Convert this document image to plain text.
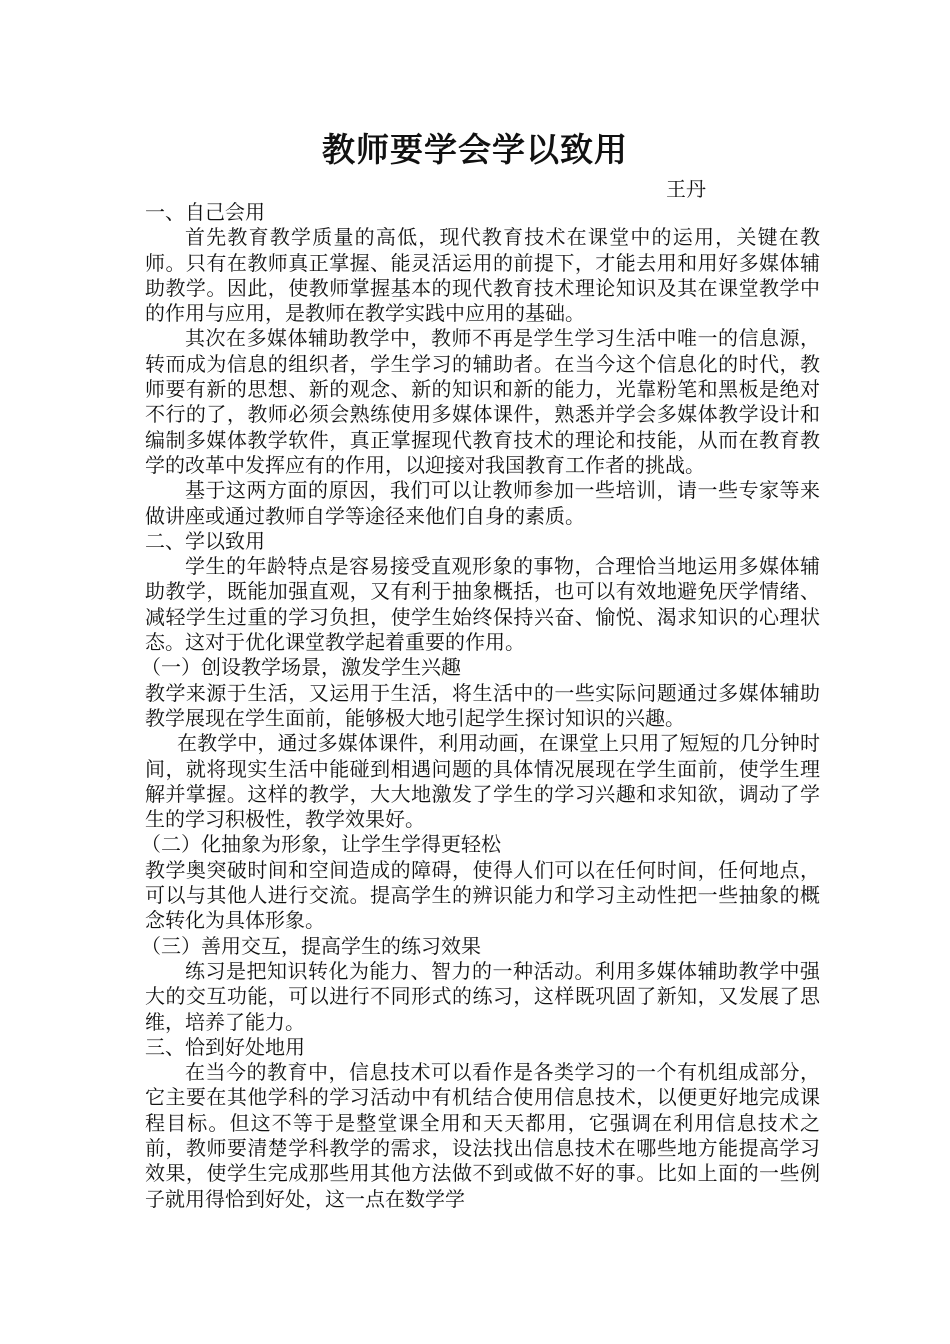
教师要学会学以致用
王丹

一、自己会用

首先教育教学质量的高低，现代教育技术在课堂中的运用，关键在教师。只有在教师真正掌握、能灵活运用的前提下，才能去用和用好多媒体辅助教学。因此，使教师掌握基本的现代教育技术理论知识及其在课堂教学中的作用与应用，是教师在教学实践中应用的基础。

其次在多媒体辅助教学中，教师不再是学生学习生活中唯一的信息源，转而成为信息的组织者，学生学习的辅助者。在当今这个信息化的时代，教师要有新的思想、新的观念、新的知识和新的能力，光靠粉笔和黑板是绝对不行的了，教师必须会熟练使用多媒体课件，熟悉并学会多媒体教学设计和编制多媒体教学软件，真正掌握现代教育技术的理论和技能，从而在教育教学的改革中发挥应有的作用，以迎接对我国教育工作者的挑战。

基于这两方面的原因，我们可以让教师参加一些培训，请一些专家等来做讲座或通过教师自学等途径来他们自身的素质。

二、学以致用

学生的年龄特点是容易接受直观形象的事物，合理恰当地运用多媒体辅助教学，既能加强直观，又有利于抽象概括，也可以有效地避免厌学情绪、减轻学生过重的学习负担，使学生始终保持兴奋、愉悦、渴求知识的心理状态。这对于优化课堂教学起着重要的作用。

（一）创设教学场景，激发学生兴趣

教学来源于生活，又运用于生活，将生活中的一些实际问题通过多媒体辅助教学展现在学生面前，能够极大地引起学生探讨知识的兴趣。

在教学中，通过多媒体课件，利用动画，在课堂上只用了短短的几分钟时间，就将现实生活中能碰到相遇问题的具体情况展现在学生面前，使学生理解并掌握。这样的教学，大大地激发了学生的学习兴趣和求知欲，调动了学生的学习积极性，教学效果好。

（二）化抽象为形象，让学生学得更轻松

教学奥突破时间和空间造成的障碍，使得人们可以在任何时间，任何地点，可以与其他人进行交流。提高学生的辨识能力和学习主动性把一些抽象的概念转化为具体形象。

（三）善用交互，提高学生的练习效果

练习是把知识转化为能力、智力的一种活动。利用多媒体辅助教学中强大的交互功能，可以进行不同形式的练习，这样既巩固了新知，又发展了思维，培养了能力。

三、恰到好处地用

在当今的教育中，信息技术可以看作是各类学习的一个有机组成部分，它主要在其他学科的学习活动中有机结合使用信息技术，以便更好地完成课程目标。但这不等于是整堂课全用和天天都用，它强调在利用信息技术之前，教师要清楚学科教学的需求，设法找出信息技术在哪些地方能提高学习效果，使学生完成那些用其他方法做不到或做不好的事。比如上面的一些例子就用得恰到好处，这一点在数学学
